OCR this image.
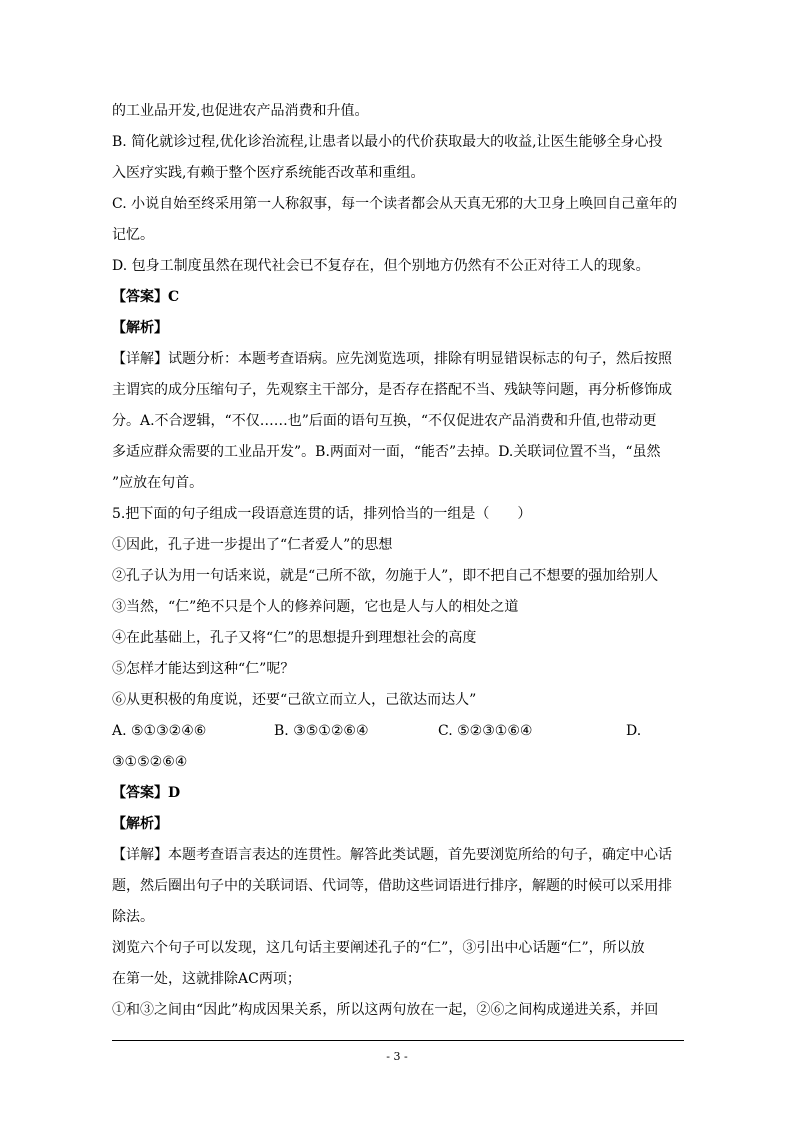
的工业品开发,也促进农产品消费和升值。
B. 简化就诊过程,优化诊治流程,让患者以最小的代价获取最大的收益,让医生能够全身心投
入医疗实践,有赖于整个医疗系统能否改革和重组。
C. 小说自始至终采用第一人称叙事，每一个读者都会从天真无邪的大卫身上唤回自己童年的
记忆。
D. 包身工制度虽然在现代社会已不复存在，但个别地方仍然有不公正对待工人的现象。
【答案】C
【解析】
【详解】试题分析：本题考查语病。应先浏览选项，排除有明显错误标志的句子，然后按照
主谓宾的成分压缩句子，先观察主干部分，是否存在搭配不当、残缺等问题，再分析修饰成
分。A.不合逻辑，“不仅……也”后面的语句互换，“不仅促进农产品消费和升值,也带动更
多适应群众需要的工业品开发”。B.两面对一面，“能否”去掉。D.关联词位置不当，“虽然
”应放在句首。
5.把下面的句子组成一段语意连贯的话，排列恰当的一组是（　　）
①因此，孔子进一步提出了“仁者爱人”的思想
②孔子认为用一句话来说，就是“己所不欲，勿施于人”，即不把自己不想要的强加给别人
③当然，“仁”绝不只是个人的修养问题，它也是人与人的相处之道
④在此基础上，孔子又将“仁”的思想提升到理想社会的高度
⑤怎样才能达到这种“仁”呢？
⑥从更积极的角度说，还要“己欲立而立人，己欲达而达人”
A. ⑤①③②④⑥	B. ③⑤①②⑥④	C. ⑤②③①⑥④	D.
③①⑤②⑥④
【答案】D
【解析】
【详解】本题考查语言表达的连贯性。解答此类试题，首先要浏览所给的句子，确定中心话
题，然后圈出句子中的关联词语、代词等，借助这些词语进行排序，解题的时候可以采用排
除法。
浏览六个句子可以发现，这几句话主要阐述孔子的“仁”，③引出中心话题“仁”，所以放
在第一处，这就排除AC两项；
①和③之间由“因此”构成因果关系，所以这两句放在一起，②⑥之间构成递进关系，并回
- 3 -
